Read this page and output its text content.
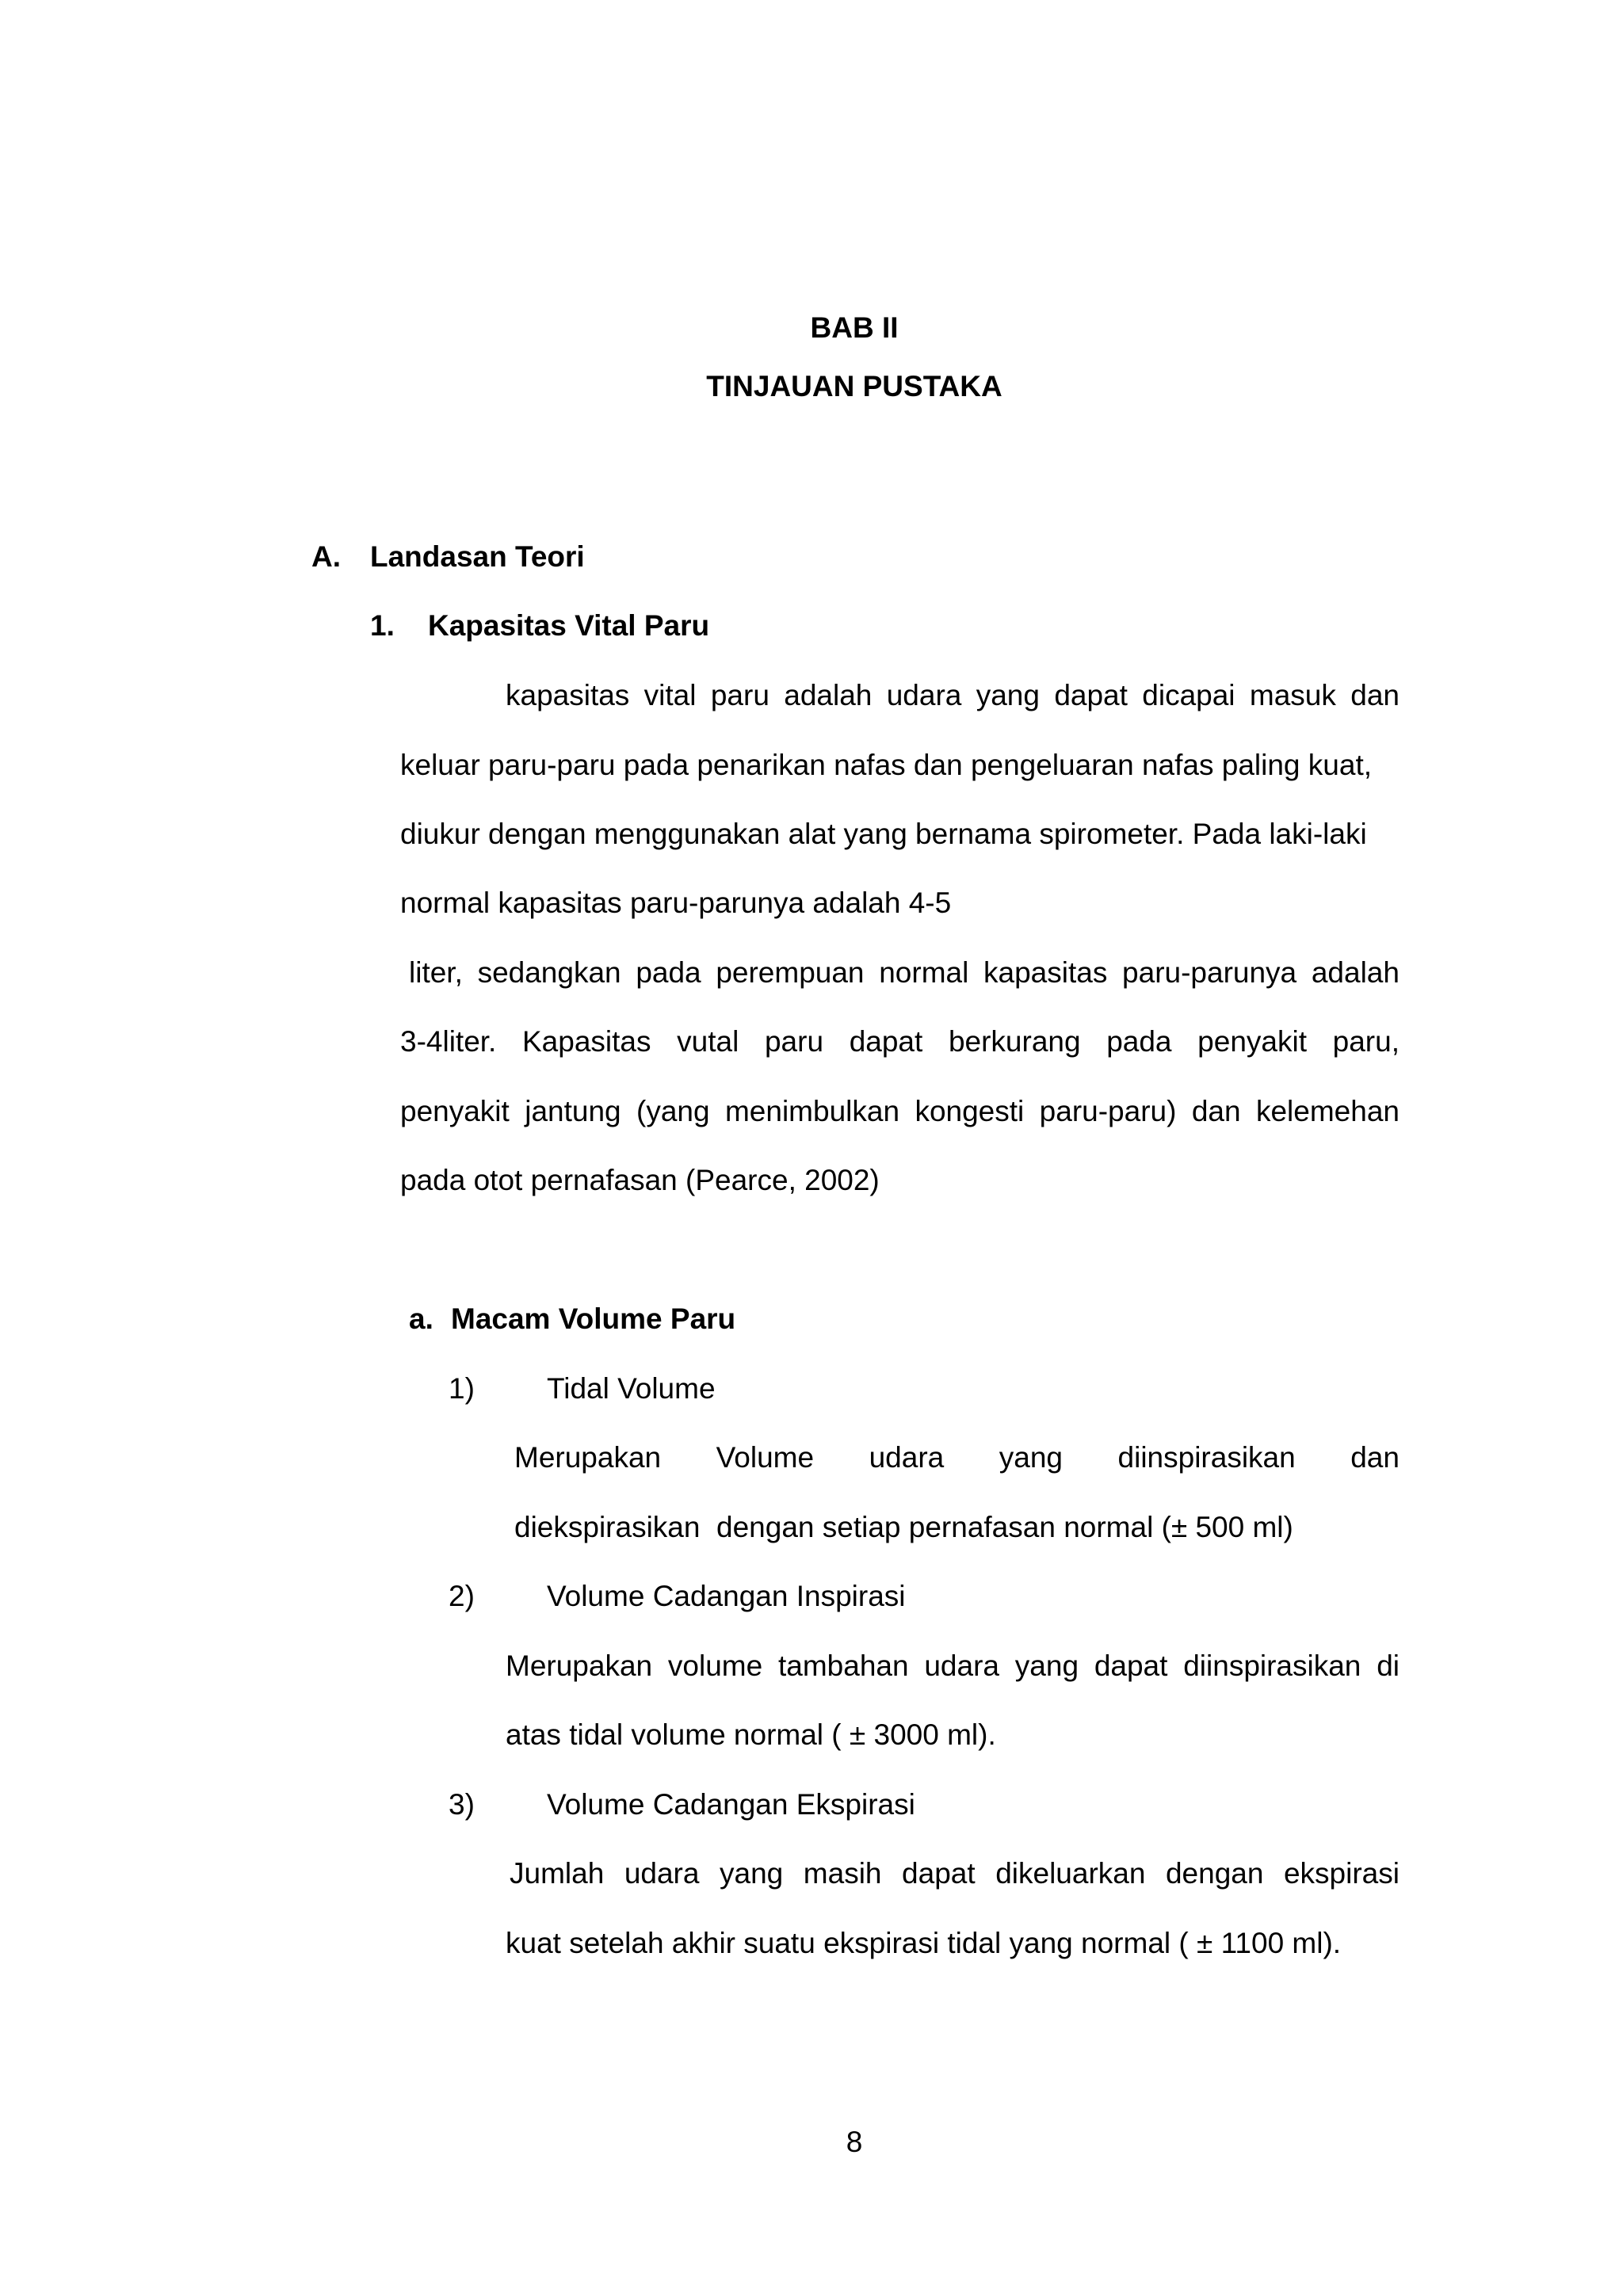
BAB II
TINJAUAN PUSTAKA
A. Landasan Teori
1. Kapasitas Vital Paru
kapasitas vital paru adalah udara yang dapat dicapai masuk dan
keluar paru-paru pada penarikan nafas dan pengeluaran nafas paling kuat,
diukur dengan menggunakan alat yang bernama spirometer. Pada laki-laki
normal kapasitas paru-parunya adalah 4-5
liter, sedangkan pada perempuan normal kapasitas paru-parunya adalah
3-4liter. Kapasitas vutal paru dapat berkurang pada penyakit paru,
penyakit jantung (yang menimbulkan kongesti paru-paru) dan kelemehan
pada otot pernafasan (Pearce, 2002)
a. Macam Volume Paru
1) Tidal Volume
Merupakan Volume udara yang diinspirasikan dan
diekspirasikan  dengan setiap pernafasan normal (± 500 ml)
2) Volume Cadangan Inspirasi
Merupakan volume tambahan udara yang dapat diinspirasikan di
atas tidal volume normal ( ± 3000 ml).
3) Volume Cadangan Ekspirasi
Jumlah udara yang masih dapat dikeluarkan dengan ekspirasi
kuat setelah akhir suatu ekspirasi tidal yang normal ( ± 1100 ml).
8
